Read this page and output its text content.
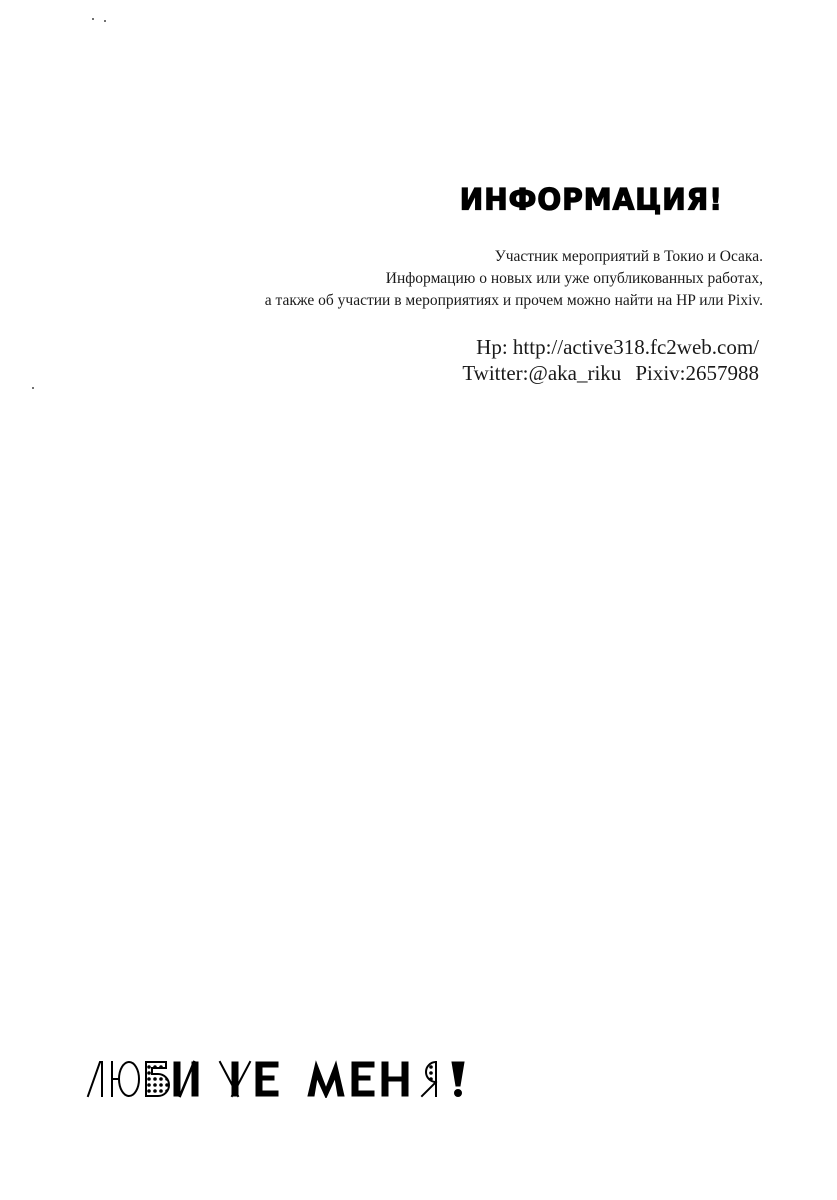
ИНФОРМАЦИЯ!
Участник мероприятий в Токио и Осака.
Информацию о новых или уже опубликованных работах,
а также об участии в мероприятиях и прочем можно найти на HP или Pixiv.
Hp: http://active318.fc2web.com/
Twitter:@aka_riku Pixiv:2657988
ЛЮБИ ЖЕ МЕНЯ!
